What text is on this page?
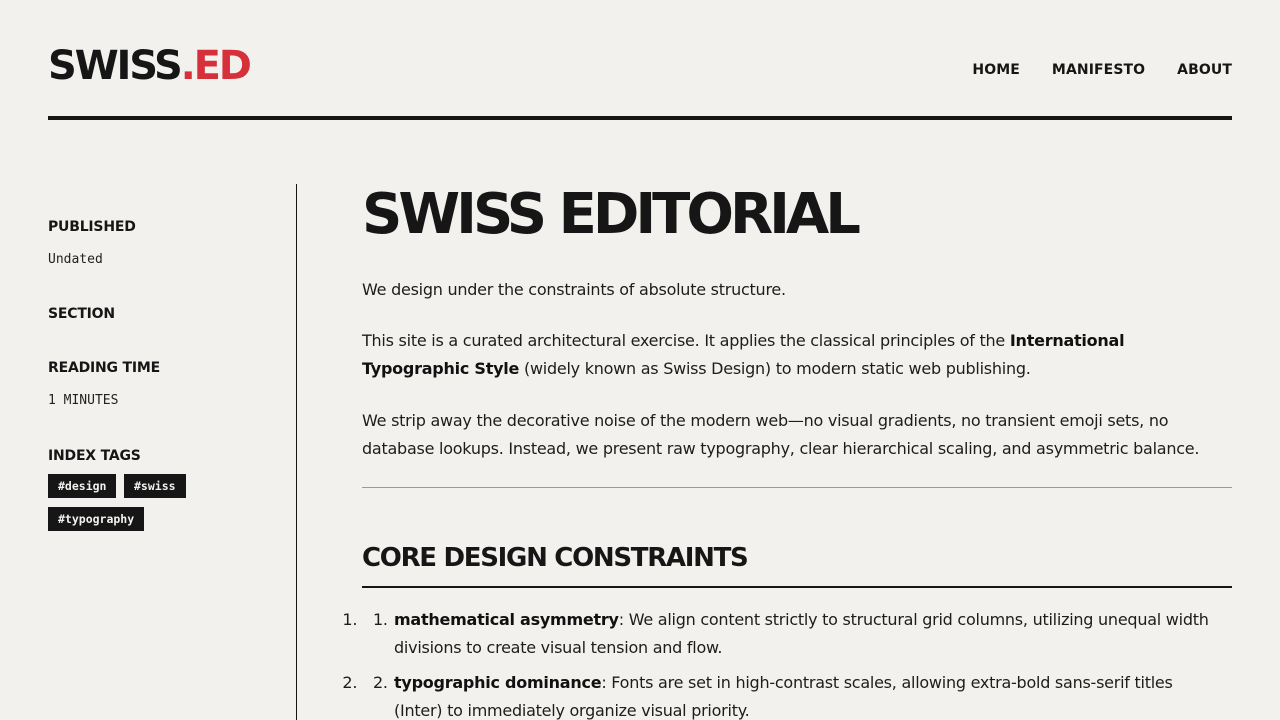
SWISS.ED	HOME MANIFESTO ABOUT
PUBLISHED
Undated
SECTION
READING TIME
1 MINUTES
INDEX TAGS
#design	#swiss
#typography
SWISS EDITORIAL

We design under the constraints of absolute structure.

This site is a curated architectural exercise. It applies the classical principles of the International Typographic Style (widely known as Swiss Design) to modern static web publishing.

We strip away the decorative noise of the modern web—no visual gradients, no transient emoji sets, no database lookups. Instead, we present raw typography, clear hierarchical scaling, and asymmetric balance.

CORE DESIGN CONSTRAINTS
1. 1. mathematical asymmetry: We align content strictly to structural grid columns, utilizing unequal width divisions to create visual tension and flow.
2. 2. typographic dominance: Fonts are set in high-contrast scales, allowing extra-bold sans-serif titles (Inter) to immediately organize visual priority.
